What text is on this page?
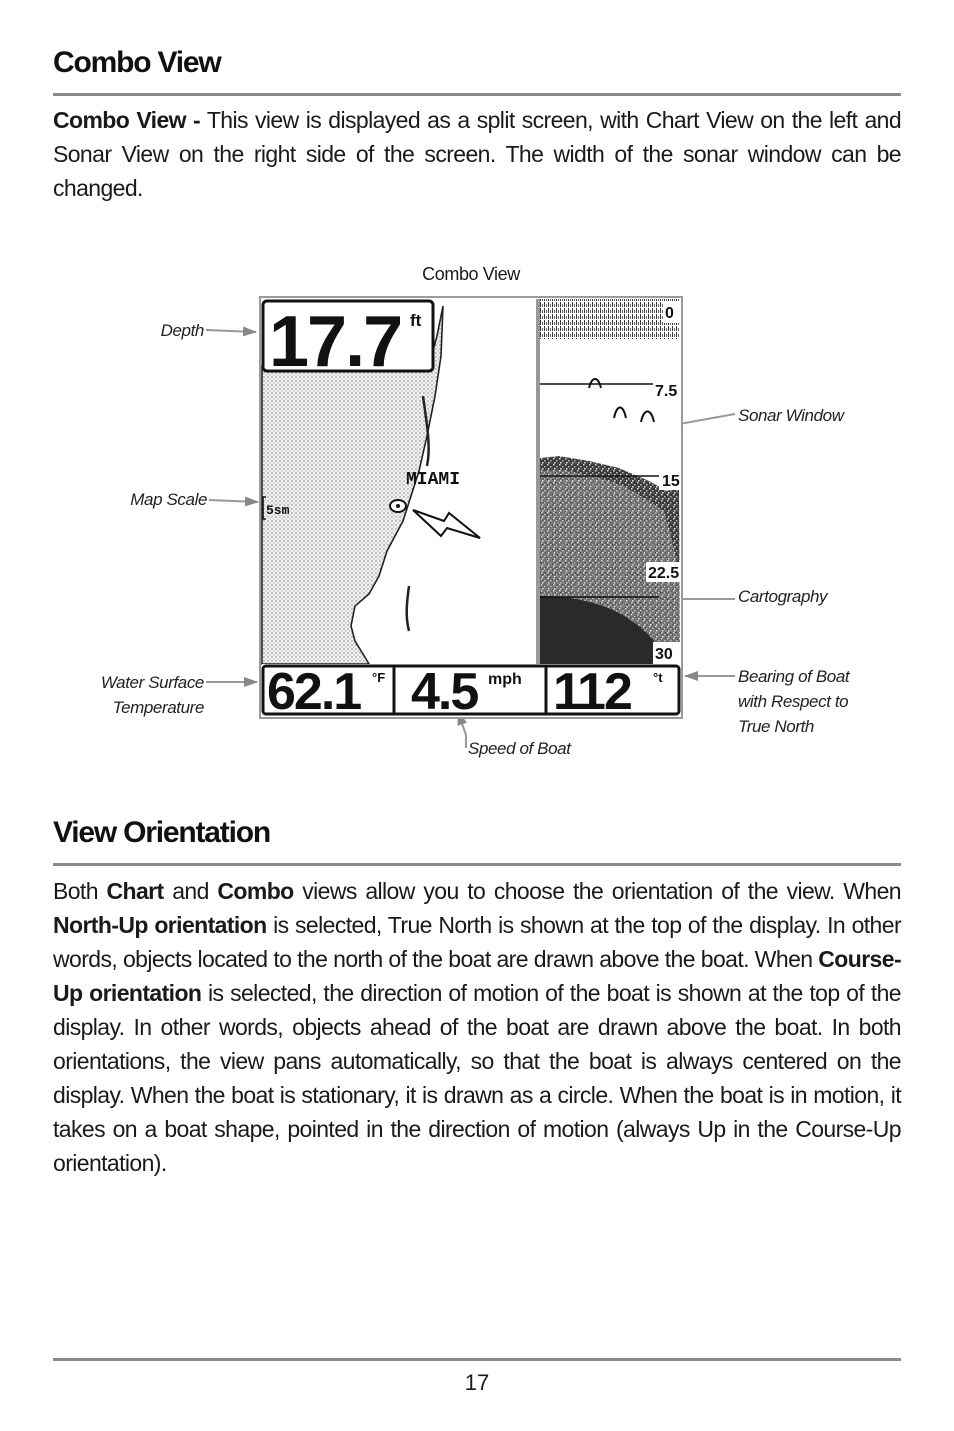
Combo View

Combo View - This view is displayed as a split screen, with Chart View on the left and Sonar View on the right side of the screen. The width of the sonar window can be changed.

Combo View
Depth
Map Scale
Water Surface
Temperature
Speed of Boat
Sonar Window
Cartography
Bearing of Boat
with Respect to
True North
MIAMI
5sm
17.7 ft	0
7.5
15
22.5
30
62.1 °F 4.5 mph 112 °t
View Orientation

Both Chart and Combo views allow you to choose the orientation of the view. When North-Up orientation is selected, True North is shown at the top of the display. In other words, objects located to the north of the boat are drawn above the boat. When Course-Up orientation is selected, the direction of motion of the boat is shown at the top of the display. In other words, objects ahead of the boat are drawn above the boat. In both orientations, the view pans automatically, so that the boat is always centered on the display. When the boat is stationary, it is drawn as a circle. When the boat is in motion, it takes on a boat shape, pointed in the direction of motion (always Up in the Course-Up orientation).

17
